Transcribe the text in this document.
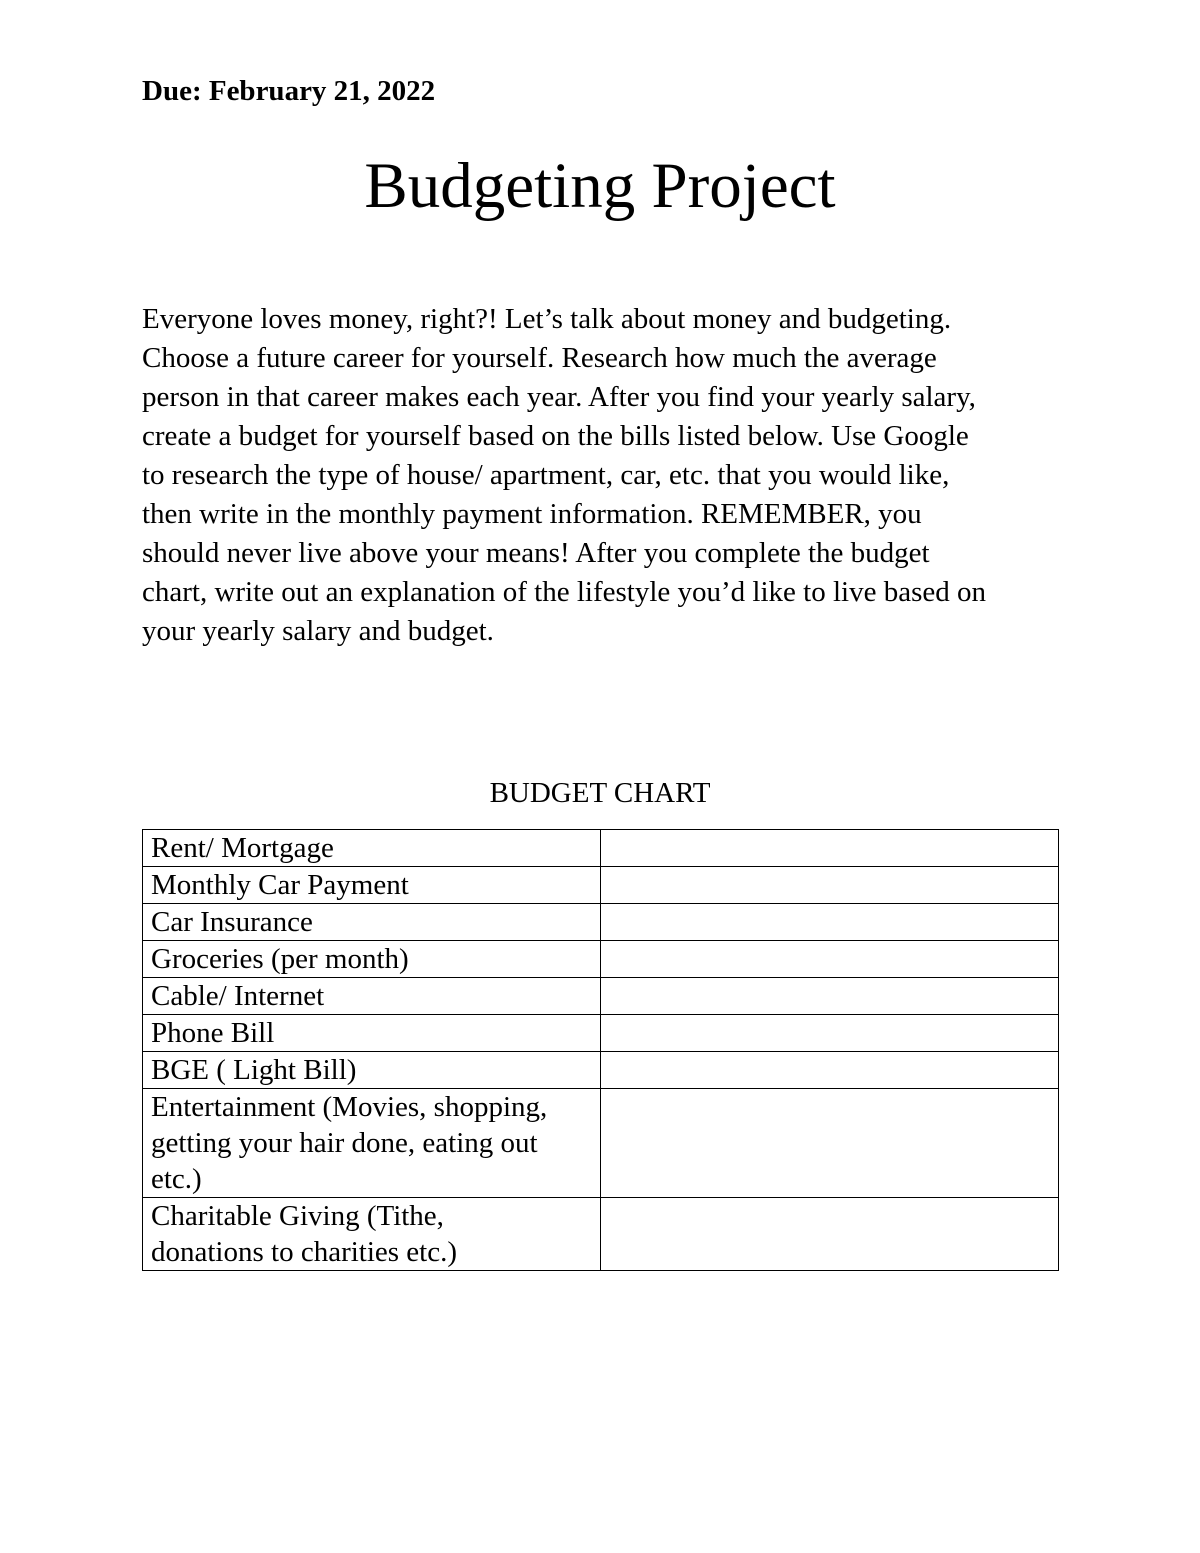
Due: February 21, 2022
Budgeting Project
Everyone loves money, right?! Let’s talk about money and budgeting.
Choose a future career for yourself. Research how much the average
person in that career makes each year. After you find your yearly salary,
create a budget for yourself based on the bills listed below. Use Google
to research the type of house/ apartment, car, etc. that you would like,
then write in the monthly payment information. REMEMBER, you
should never live above your means! After you complete the budget
chart, write out an explanation of the lifestyle you’d like to live based on
your yearly salary and budget.
BUDGET CHART
Rent/ Mortgage	

Monthly Car Payment	

Car Insurance	

Groceries (per month)	

Cable/ Internet	

Phone Bill	

BGE ( Light Bill)	

Entertainment (Movies, shopping,
getting your hair done, eating out
etc.)	

Charitable Giving (Tithe,
donations to charities etc.)	
